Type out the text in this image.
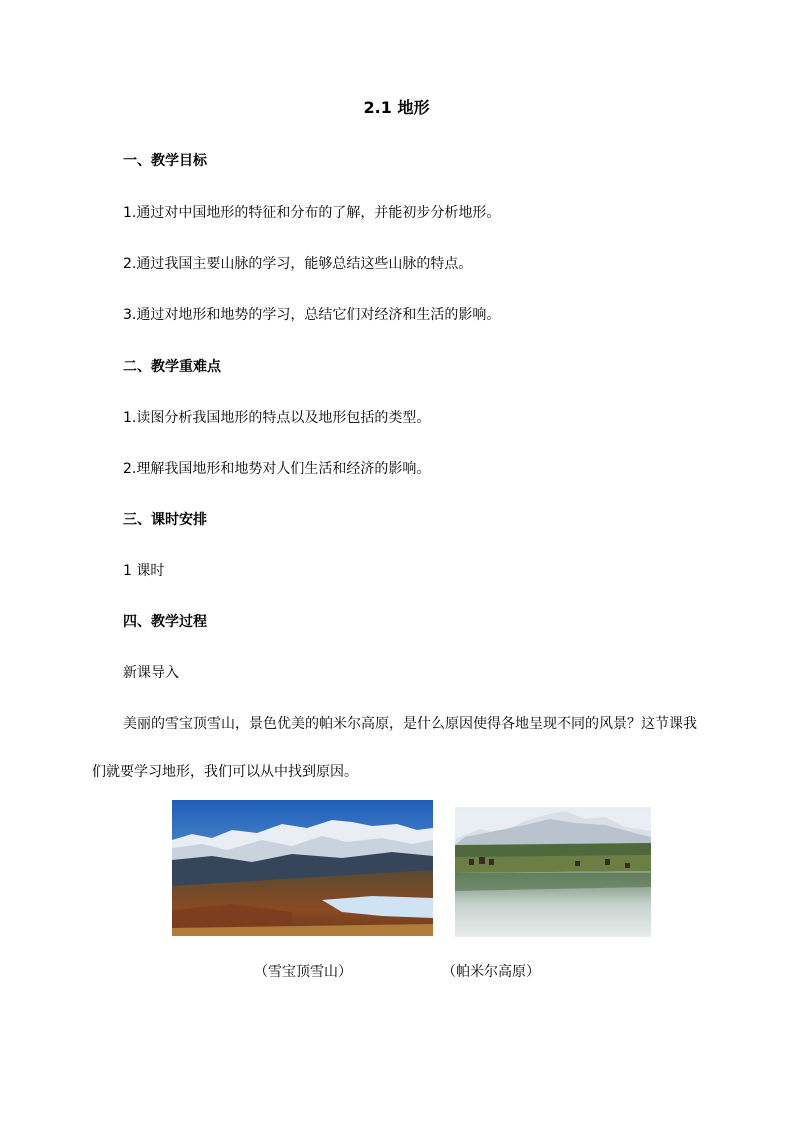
2.1 地形
一、教学目标
1.通过对中国地形的特征和分布的了解，并能初步分析地形。
2.通过我国主要山脉的学习，能够总结这些山脉的特点。
3.通过对地形和地势的学习，总结它们对经济和生活的影响。
二、教学重难点
1.读图分析我国地形的特点以及地形包括的类型。
2.理解我国地形和地势对人们生活和经济的影响。
三、课时安排
1 课时
四、教学过程
新课导入
美丽的雪宝顶雪山，景色优美的帕米尔高原，是什么原因使得各地呈现不同的风景？这节课我们就要学习地形，我们可以从中找到原因。
（雪宝顶雪山）	（帕米尔高原）
